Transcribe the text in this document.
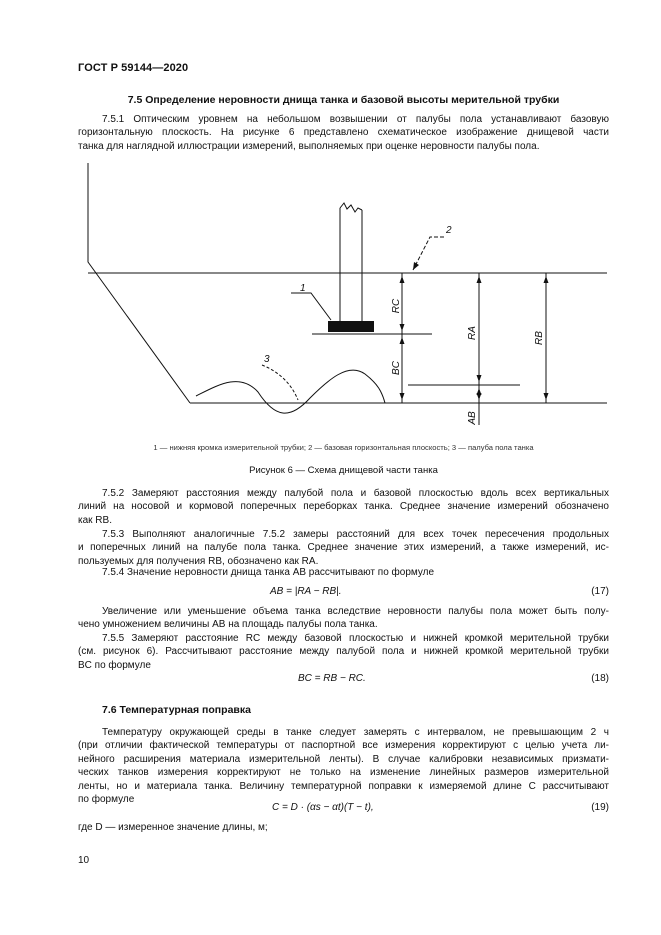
ГОСТ Р 59144—2020
7.5 Определение неровности днища танка и базовой высоты мерительной трубки
7.5.1 Оптическим уровнем на небольшом возвышении от палубы пола устанавливают базовую
горизонтальную плоскость. На рисунке 6 представлено схематическое изображение днищевой части
танка для наглядной иллюстрации измерений, выполняемых при оценке неровности палубы пола.
1
2
3
RC
BC
RA	RB
AB
1 — нижняя кромка измерительной трубки; 2 — базовая горизонтальная плоскость; 3 — палуба пола танка
Рисунок 6 — Схема днищевой части танка
7.5.2 Замеряют расстояния между палубой пола и базовой плоскостью вдоль всех вертикальных
линий на носовой и кормовой поперечных переборках танка. Среднее значение измерений обозначено
как RB.
7.5.3 Выполняют аналогичные 7.5.2 замеры расстояний для всех точек пересечения продольных
и поперечных линий на палубе пола танка. Среднее значение этих измерений, а также измерений, ис-
пользуемых для получения RB, обозначено как RA.
7.5.4 Значение неровности днища танка AB рассчитывают по формуле
AB = |RA − RB|.	(17)
Увеличение или уменьшение объема танка вследствие неровности палубы пола может быть полу-
чено умножением величины AB на площадь палубы пола танка.
7.5.5 Замеряют расстояние RC между базовой плоскостью и нижней кромкой мерительной трубки
(см. рисунок 6). Рассчитывают расстояние между палубой пола и нижней кромкой мерительной трубки
BC по формуле
BC = RB − RC.	(18)
7.6 Температурная поправка
Температуру окружающей среды в танке следует замерять с интервалом, не превышающим 2 ч
(при отличии фактической температуры от паспортной все измерения корректируют с целью учета ли-
нейного расширения материала измерительной ленты). В случае калибровки независимых призмати-
ческих танков измерения корректируют не только на изменение линейных размеров измерительной
ленты, но и материала танка. Величину температурной поправки к измеряемой длине C рассчитывают
по формуле
C = D · (αs − αt)(T − t),	(19)
где D — измеренное значение длины, м;
10
